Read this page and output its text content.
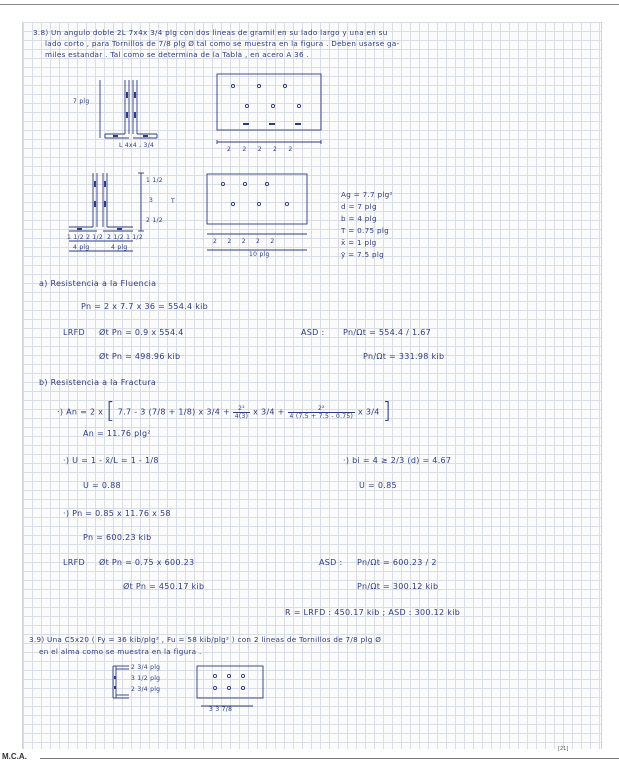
3.8) Un angulo doble 2L 7x4x 3/4 plg con dos lineas de gramil en su lado largo y una en su
lado corto , para Tornillos de 7/8 plg Ø tal como se muestra en la figura . Deben usarse ga-
miles estandar . Tal como se determina de la Tabla , en acero A 36 .
7 plg
L 4x4 , 3/4
2 2 2 2 2
1 1/2
3
2 1/2
T
1 1/2 2 1/2 2 1/2 1 1/2
4 plg	4 plg
2 2 2 2 2
10 plg
Ag = 7.7 plg²
d = 7 plg
b = 4 plg
T = 0.75 plg
x̄ = 1 plg
ȳ = 7.5 plg
a) Resistencia a la Fluencia
Pn = 2 x 7.7 x 36 = 554.4 kib
LRFD Øt Pn = 0.9 x 554.4
Øt Pn = 498.96 kib
ASD : Pn/Ωt = 554.4 / 1.67
Pn/Ωt = 331.98 kib
b) Resistencia a la Fractura
·) An = 2 x [ 7.7 - 3 (7/8 + 1/8) x $3/4 + \frac{\text{2²}}{4(3)}$ x $3/4 + \frac{\text{2²}}{4 (7.5 + 7.5 - 0.75)}$ x 3/4 ]
An = 11.76 plg²
·) U = 1 - x̄/L = 1 - 1/8
U = 0.88
·) bi = 4 ≥ 2/3 (d) = 4.67
U = 0.85
·) Pn = 0.85 x 11.76 x 58
Pn = 600.23 kib
LRFD Øt Pn = 0.75 x 600.23
Øt Pn = 450.17 kib
ASD : Pn/Ωt = 600.23 / 2
Pn/Ωt = 300.12 kib
R = LRFD : 450.17 kib ; ASD : 300.12 kib
3.9) Una C5x20 ( Fy = 36 kib/plg² , Fu = 58 kib/plg² ) con 2 lineas de Tornillos de 7/8 plg Ø
en el alma como se muestra en la figura .
2 3/4 plg
3 1/2 plg
2 3/4 plg
3 3 7/8
M.C.A.
[21]
